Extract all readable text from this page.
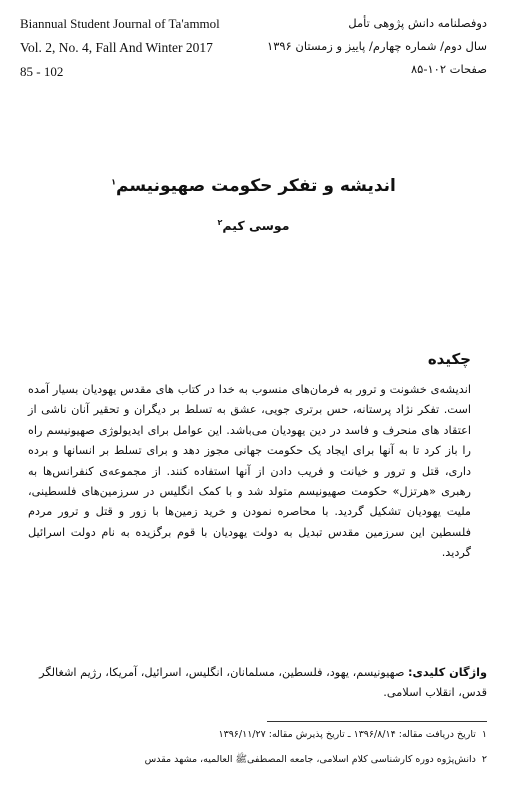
Biannual Student Journal of Ta'ammol
Vol. 2, No. 4, Fall And Winter 2017
85 - 102
دوفصلنامه دانش پژوهی تأمل
سال دوم/ شماره چهارم/ پاییز و زمستان ۱۳۹۶
صفحات ۱۰۲-۸۵
اندیشه و تفکر حکومت صهیونیسم$^۱$
موسی کیم$^۲$
چکیده
اندیشه‌ی خشونت و ترور به فرمان‌های منسوب به خدا در کتاب های مقدس یهودیان بسیار آمده است. تفکر نژاد پرستانه، حس برتری جویی، عشق به تسلط بر دیگران و تحقیر آنان ناشی از اعتقاد های منحرف و فاسد در دین یهودیان می‌باشد. این عوامل برای ایدیولوژی صهیونیسم راه را باز کرد تا به آنها برای ایجاد یک حکومت جهانی مجوز دهد و برای تسلط بر انسانها و برده داری، قتل و ترور و خیانت و فریب دادن از آنها استفاده کنند. از مجموعه‌ی کنفرانس‌ها به رهبری «هرتزل» حکومت صهیونیسم متولد شد و با کمک انگلیس در سرزمین‌های فلسطینی، ملیت یهودیان تشکیل گردید. با محاصره نمودن و خرید زمین‌ها با زور و قتل و ترور مردم فلسطین این سرزمین مقدس تبدیل به دولت یهودیان با قوم برگزیده به نام دولت اسرائیل گردید.
واژگان کلیدی: صهیونیسم، یهود، فلسطین، مسلمانان، انگلیس، اسرائیل، آمریکا، رژیم اشغالگر قدس، انقلاب اسلامی.
۱تاریخ دریافت مقاله: ۱۳۹۶/۸/۱۴ ـ تاریخ پذیرش مقاله: ۱۳۹۶/۱۱/۲۷
۲دانش‌پژوه دوره کارشناسی کلام اسلامی، جامعه المصطفیﷺ العالمیه، مشهد مقدس
